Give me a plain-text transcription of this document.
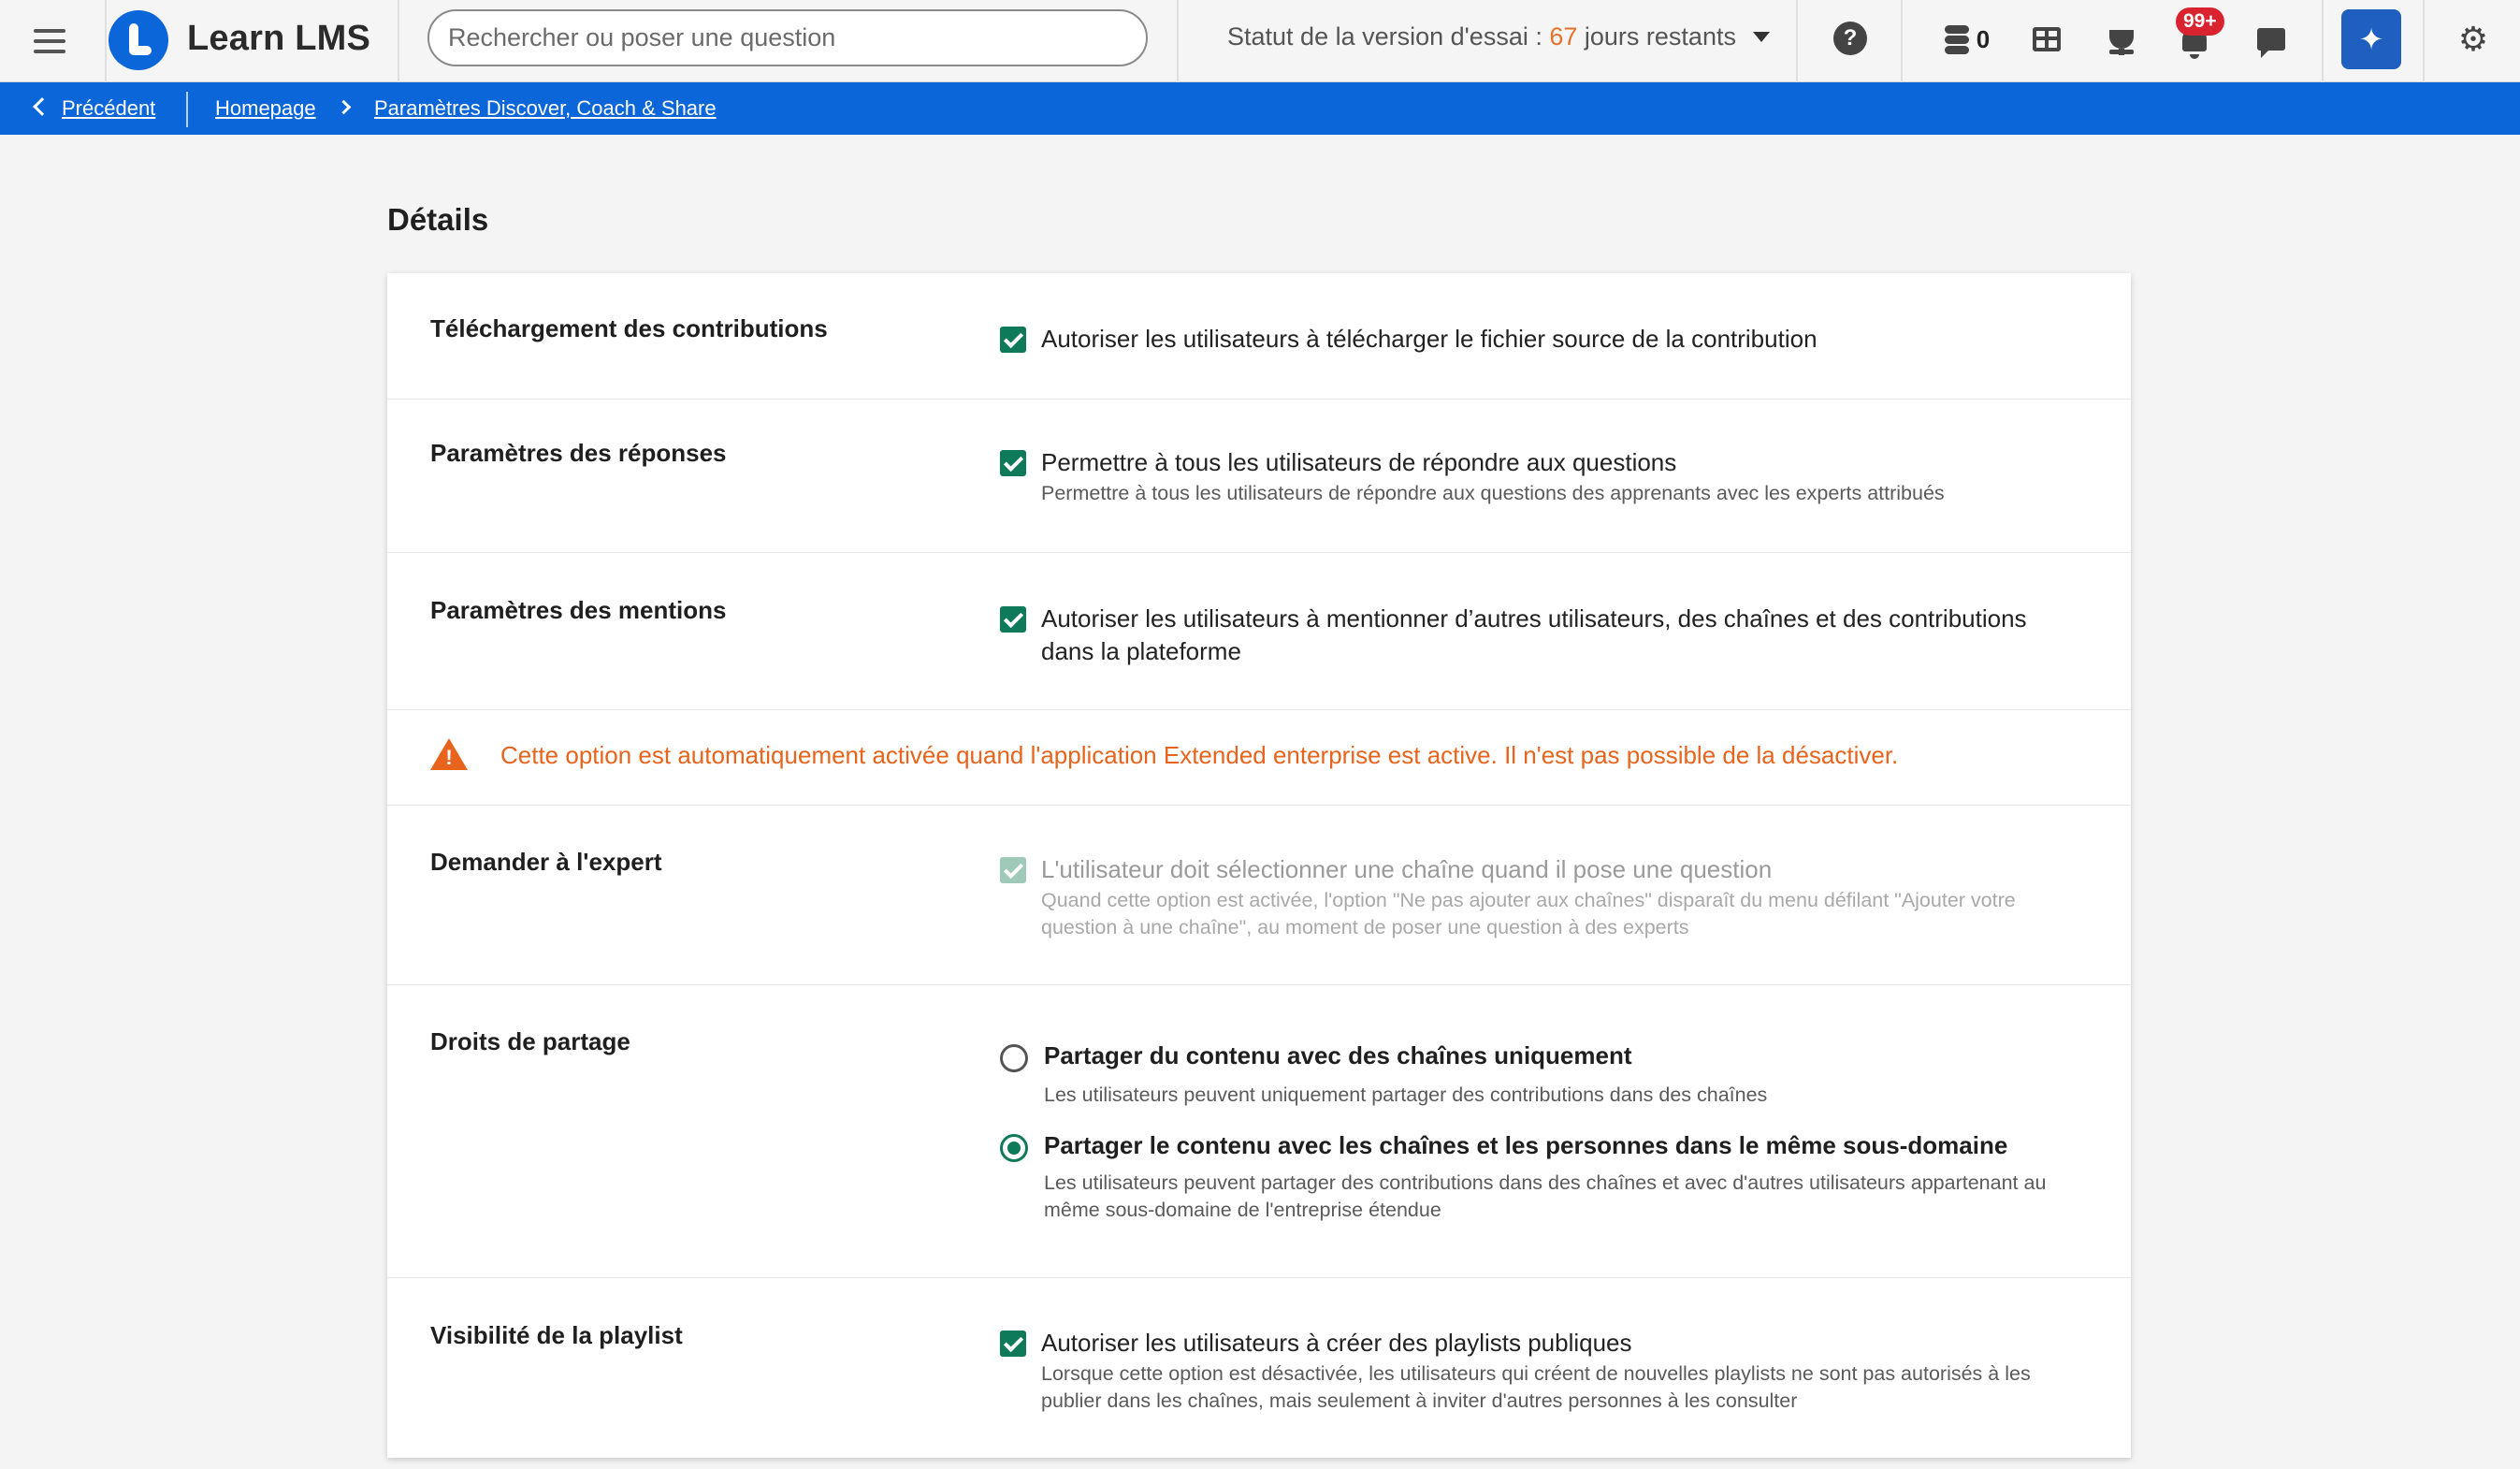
Learn LMS
Rechercher ou poser une question	Statut de la version d'essai : 67 jours restants	?	0
99+
✦	⚙
Précédent	Homepage	Paramètres Discover, Coach & Share
Détails
Téléchargement des contributions	Autoriser les utilisateurs à télécharger le fichier source de la contribution
Paramètres des réponses	Permettre à tous les utilisateurs de répondre aux questions
Permettre à tous les utilisateurs de répondre aux questions des apprenants avec les experts attribués
Paramètres des mentions	Autoriser les utilisateurs à mentionner d’autres utilisateurs, des chaînes et des contributions dans la plateforme
! Cette option est automatiquement activée quand l'application Extended enterprise est active. Il n'est pas possible de la désactiver.
Demander à l'expert	L'utilisateur doit sélectionner une chaîne quand il pose une question
Quand cette option est activée, l'option "Ne pas ajouter aux chaînes" disparaît du menu défilant "Ajouter votre question à une chaîne", au moment de poser une question à des experts
Droits de partage	Partager du contenu avec des chaînes uniquement
Les utilisateurs peuvent uniquement partager des contributions dans des chaînes
Partager le contenu avec les chaînes et les personnes dans le même sous-domaine
Les utilisateurs peuvent partager des contributions dans des chaînes et avec d'autres utilisateurs appartenant au même sous-domaine de l'entreprise étendue
Visibilité de la playlist	Autoriser les utilisateurs à créer des playlists publiques
Lorsque cette option est désactivée, les utilisateurs qui créent de nouvelles playlists ne sont pas autorisés à les publier dans les chaînes, mais seulement à inviter d'autres personnes à les consulter
